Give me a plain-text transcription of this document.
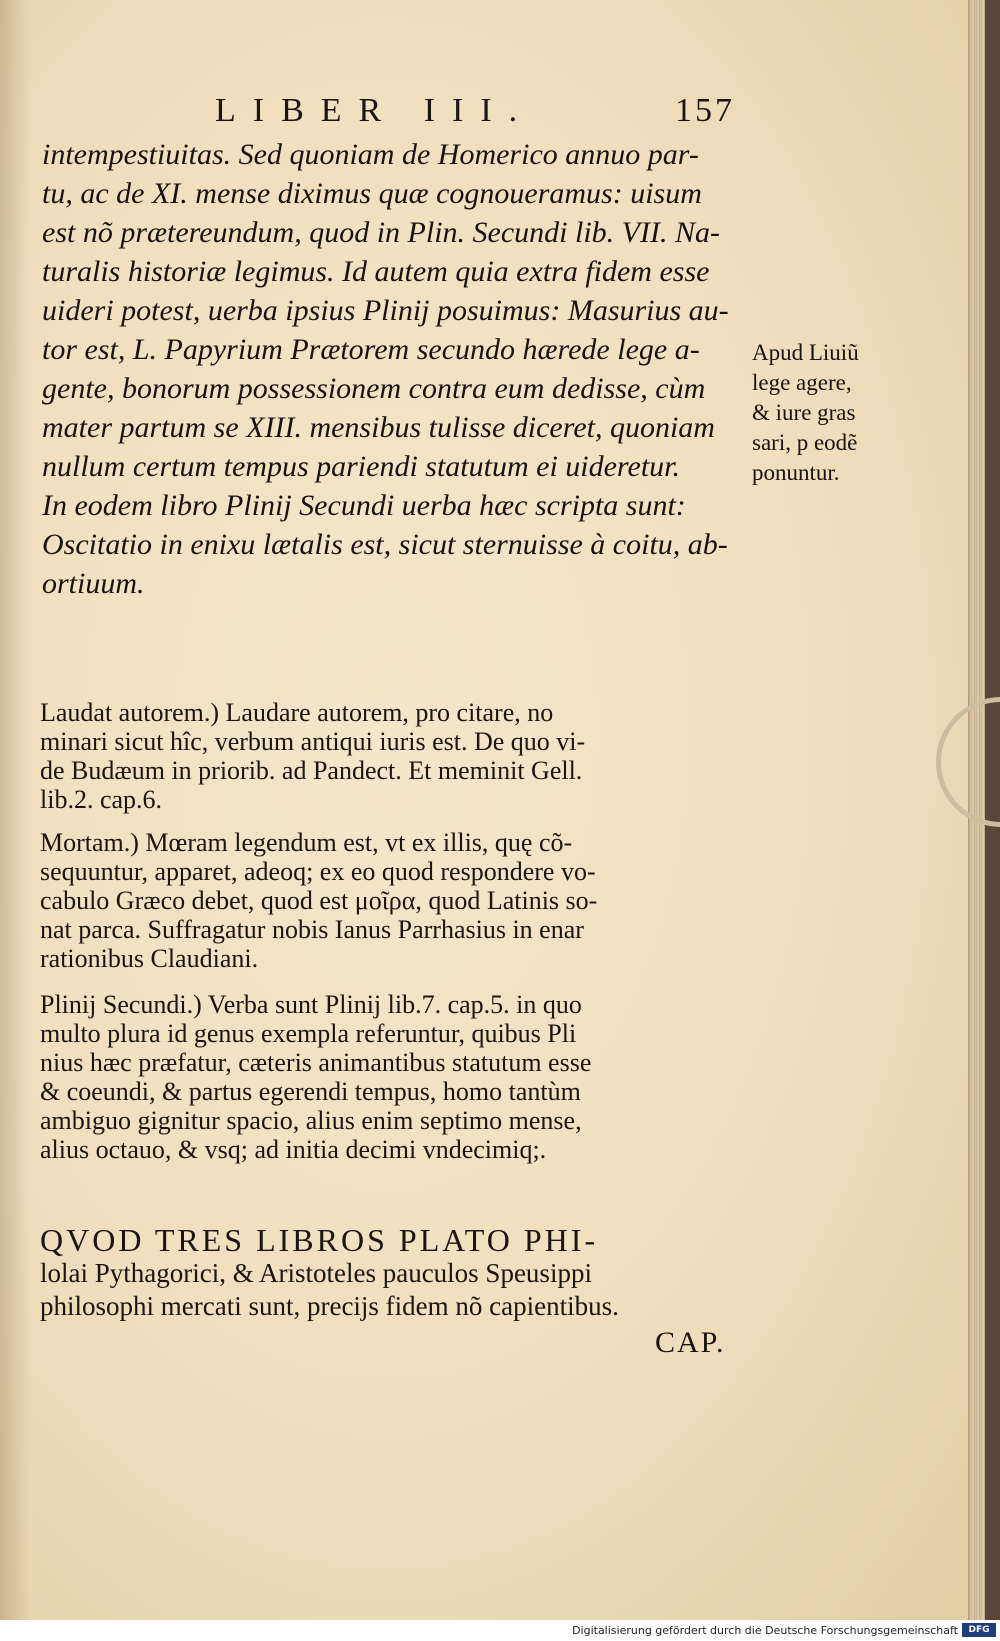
LIBER III.	157

intempestiuitas. Sed quoniam de Homerico annuo par-

tu, ac de XI. mense diximus quæ cognoueramus: uisum

est nõ prætereundum, quod in Plin. Secundi lib. VII. Na-

turalis historiæ legimus. Id autem quia extra fidem esse

uideri potest, uerba ipsius Plinij posuimus: Masurius au-

tor est, L. Papyrium Prætorem secundo hærede lege a-

gente, bonorum possessionem contra eum dedisse, cùm

mater partum se XIII. mensibus tulisse diceret, quoniam

nullum certum tempus pariendi statutum ei uideretur.

In eodem libro Plinij Secundi uerba hæc scripta sunt:

Oscitatio in enixu lætalis est, sicut sternuisse à coitu, ab-

ortiuum.

Apud Liuiũ

lege agere,

& iure gras

sari, p eodẽ

ponuntur.

Laudat autorem.) Laudare autorem, pro citare, no

minari sicut hîc, verbum antiqui iuris est. De quo vi-

de Budæum in priorib. ad Pandect. Et meminit Gell.

lib.2. cap.6.

Mortam.) Mœram legendum est, vt ex illis, quę cõ-

sequuntur, apparet, adeoq; ex eo quod respondere vo-

cabulo Græco debet, quod est μοῖρα, quod Latinis so-

nat parca. Suffragatur nobis Ianus Parrhasius in enar

rationibus Claudiani.

Plinij Secundi.) Verba sunt Plinij lib.7. cap.5. in quo

multo plura id genus exempla referuntur, quibus Pli

nius hæc præfatur, cæteris animantibus statutum esse

& coeundi, & partus egerendi tempus, homo tantùm

ambiguo gignitur spacio, alius enim septimo mense,

alius octauo, & vsq; ad initia decimi vndecimiq;.

QVOD TRES LIBROS PLATO PHI-

lolai Pythagorici, & Aristoteles pauculos Speusippi

philosophi mercati sunt, precijs fidem nõ capientibus.

CAP.
Digitalisierung gefördert durch die Deutsche Forschungsgemeinschaft	DFG
